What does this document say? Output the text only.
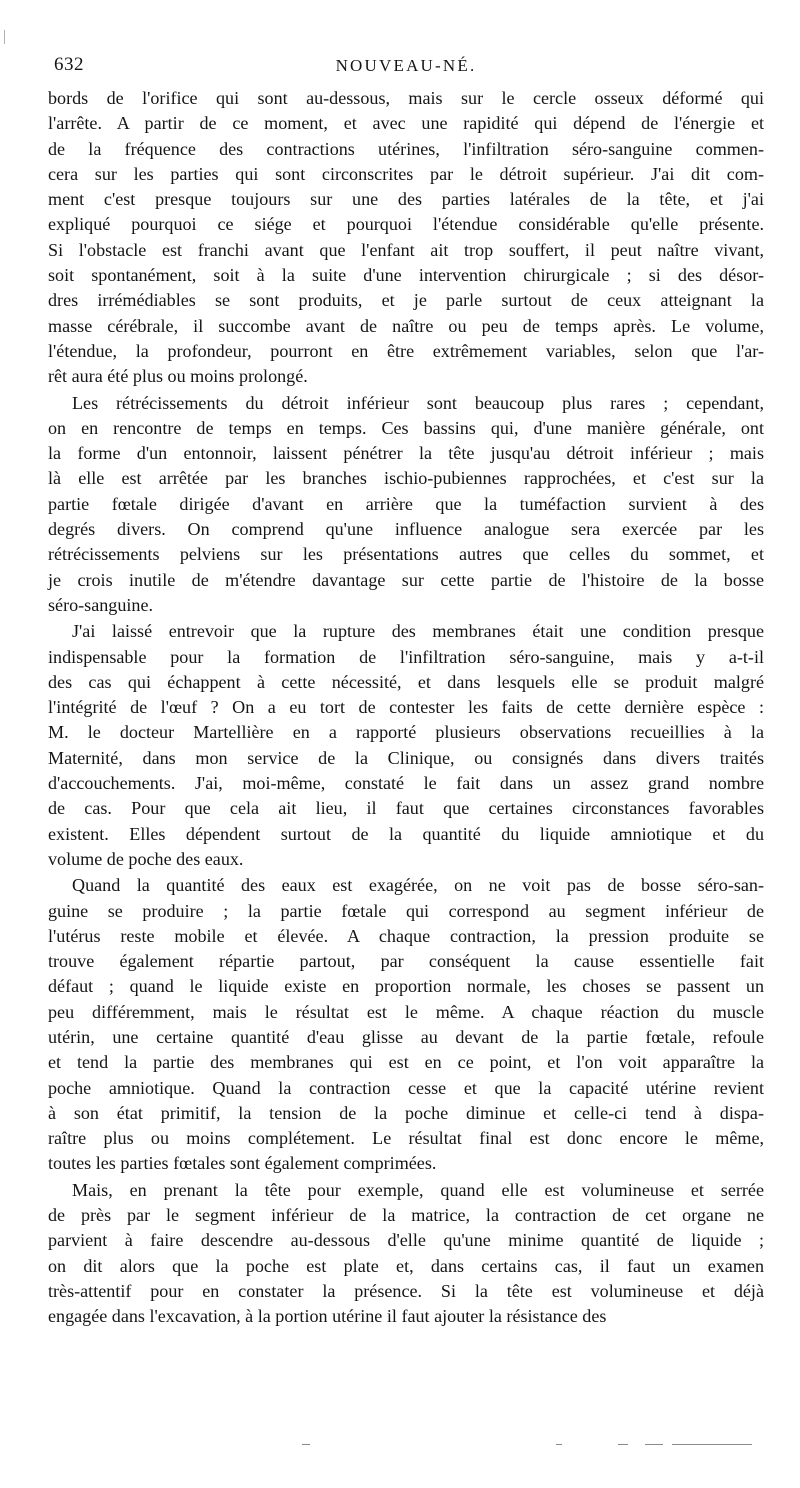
632	NOUVEAU-NÉ.
bords de l'orifice qui sont au-dessous, mais sur le cercle osseux déformé qui
l'arrête. A partir de ce moment, et avec une rapidité qui dépend de l'énergie et
de la fréquence des contractions utérines, l'infiltration séro-sanguine commen-
cera sur les parties qui sont circonscrites par le détroit supérieur. J'ai dit com-
ment c'est presque toujours sur une des parties latérales de la tête, et j'ai
expliqué pourquoi ce siége et pourquoi l'étendue considérable qu'elle présente.
Si l'obstacle est franchi avant que l'enfant ait trop souffert, il peut naître vivant,
soit spontanément, soit à la suite d'une intervention chirurgicale ; si des désor-
dres irrémédiables se sont produits, et je parle surtout de ceux atteignant la
masse cérébrale, il succombe avant de naître ou peu de temps après. Le volume,
l'étendue, la profondeur, pourront en être extrêmement variables, selon que l'ar-
rêt aura été plus ou moins prolongé.
Les rétrécissements du détroit inférieur sont beaucoup plus rares ; cependant,
on en rencontre de temps en temps. Ces bassins qui, d'une manière générale, ont
la forme d'un entonnoir, laissent pénétrer la tête jusqu'au détroit inférieur ; mais
là elle est arrêtée par les branches ischio-pubiennes rapprochées, et c'est sur la
partie fœtale dirigée d'avant en arrière que la tuméfaction survient à des
degrés divers. On comprend qu'une influence analogue sera exercée par les
rétrécissements pelviens sur les présentations autres que celles du sommet, et
je crois inutile de m'étendre davantage sur cette partie de l'histoire de la bosse
séro-sanguine.
J'ai laissé entrevoir que la rupture des membranes était une condition presque
indispensable pour la formation de l'infiltration séro-sanguine, mais y a-t-il
des cas qui échappent à cette nécessité, et dans lesquels elle se produit malgré
l'intégrité de l'œuf ? On a eu tort de contester les faits de cette dernière espèce :
M. le docteur Martellière en a rapporté plusieurs observations recueillies à la
Maternité, dans mon service de la Clinique, ou consignés dans divers traités
d'accouchements. J'ai, moi-même, constaté le fait dans un assez grand nombre
de cas. Pour que cela ait lieu, il faut que certaines circonstances favorables
existent. Elles dépendent surtout de la quantité du liquide amniotique et du
volume de poche des eaux.
Quand la quantité des eaux est exagérée, on ne voit pas de bosse séro-san-
guine se produire ; la partie fœtale qui correspond au segment inférieur de
l'utérus reste mobile et élevée. A chaque contraction, la pression produite se
trouve également répartie partout, par conséquent la cause essentielle fait
défaut ; quand le liquide existe en proportion normale, les choses se passent un
peu différemment, mais le résultat est le même. A chaque réaction du muscle
utérin, une certaine quantité d'eau glisse au devant de la partie fœtale, refoule
et tend la partie des membranes qui est en ce point, et l'on voit apparaître la
poche amniotique. Quand la contraction cesse et que la capacité utérine revient
à son état primitif, la tension de la poche diminue et celle-ci tend à dispa-
raître plus ou moins complétement. Le résultat final est donc encore le même,
toutes les parties fœtales sont également comprimées.
Mais, en prenant la tête pour exemple, quand elle est volumineuse et serrée
de près par le segment inférieur de la matrice, la contraction de cet organe ne
parvient à faire descendre au-dessous d'elle qu'une minime quantité de liquide ;
on dit alors que la poche est plate et, dans certains cas, il faut un examen
très-attentif pour en constater la présence. Si la tête est volumineuse et déjà
engagée dans l'excavation, à la portion utérine il faut ajouter la résistance des
